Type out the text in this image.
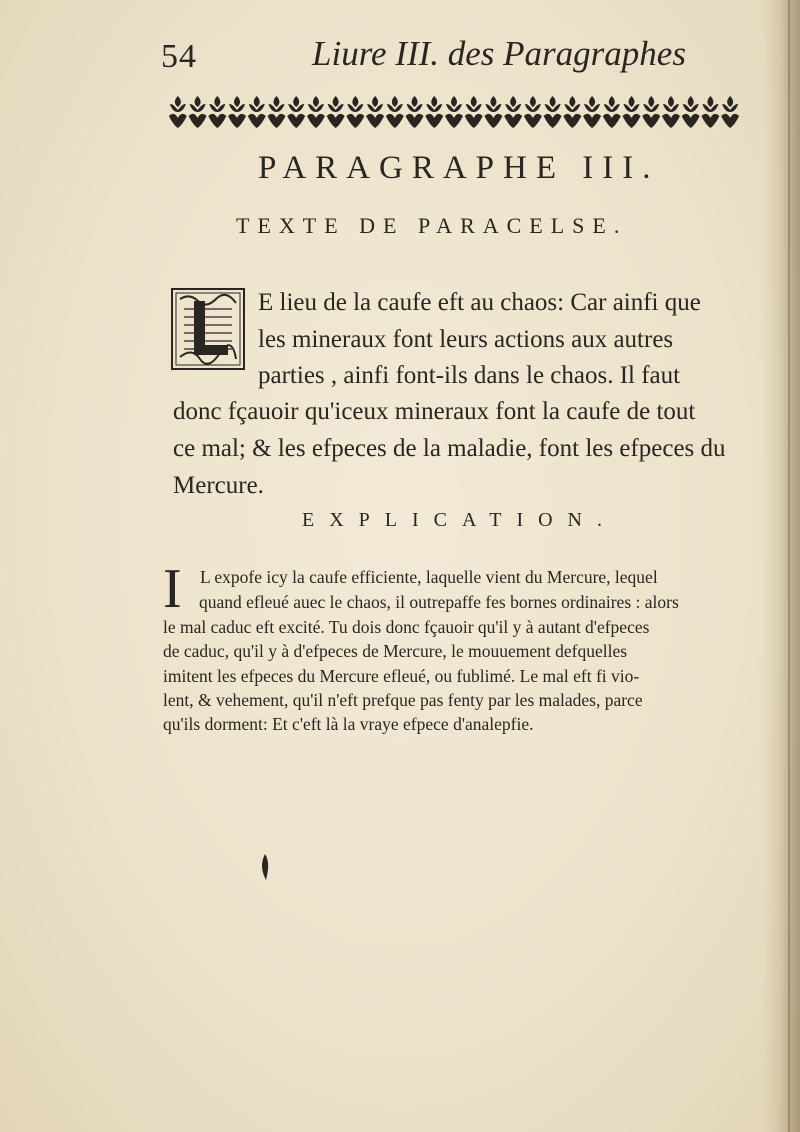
54	Liure III. des Paragraphes
PARAGRAPHE III.
TEXTE DE PARACELSE.
E lieu de la caufe eft au chaos: Car ainfi que
les mineraux font leurs actions aux autres
parties , ainfi font-ils dans le chaos. Il faut
donc fçauoir qu'iceux mineraux font la caufe de tout
ce mal; & les efpeces de la maladie, font les efpeces du
Mercure.
EXPLICATION.
I L expofe icy la caufe efficiente, laquelle vient du Mercure, lequel
quand efleué auec le chaos, il outrepaffe fes bornes ordinaires : alors
le mal caduc eft excité. Tu dois donc fçauoir qu'il y à autant d'efpeces
de caduc, qu'il y à d'efpeces de Mercure, le mouuement defquelles
imitent les efpeces du Mercure efleué, ou fublimé. Le mal eft fi vio-
lent, & vehement, qu'il n'eft prefque pas fenty par les malades, parce
qu'ils dorment: Et c'eft là la vraye efpece d'analepfie.
